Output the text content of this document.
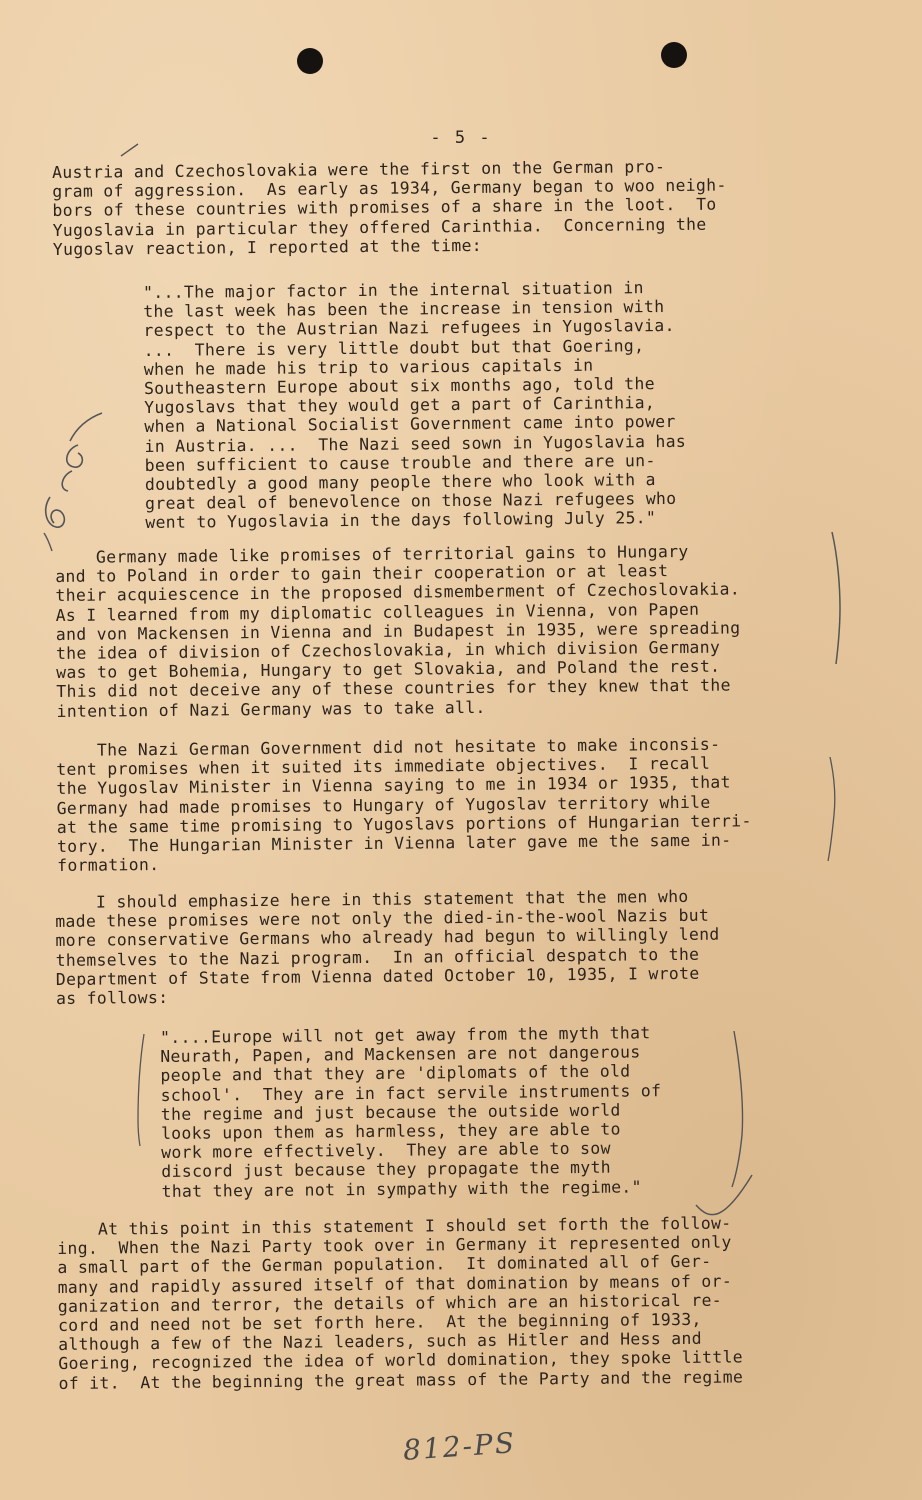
- 5 -

Austria and Czechoslovakia were the first on the German pro-
gram of aggression.  As early as 1934, Germany began to woo neigh-
bors of these countries with promises of a share in the loot.  To
Yugoslavia in particular they offered Carinthia.  Concerning the
Yugoslav reaction, I reported at the time:

"...The major factor in the internal situation in
the last week has been the increase in tension with
respect to the Austrian Nazi refugees in Yugoslavia.
...  There is very little doubt but that Goering,
when he made his trip to various capitals in
Southeastern Europe about six months ago, told the
Yugoslavs that they would get a part of Carinthia,
when a National Socialist Government came into power
in Austria. ...  The Nazi seed sown in Yugoslavia has
been sufficient to cause trouble and there are un-
doubtedly a good many people there who look with a
great deal of benevolence on those Nazi refugees who
went to Yugoslavia in the days following July 25."

Germany made like promises of territorial gains to Hungary
and to Poland in order to gain their cooperation or at least
their acquiescence in the proposed dismemberment of Czechoslovakia.
As I learned from my diplomatic colleagues in Vienna, von Papen
and von Mackensen in Vienna and in Budapest in 1935, were spreading
the idea of division of Czechoslovakia, in which division Germany
was to get Bohemia, Hungary to get Slovakia, and Poland the rest.
This did not deceive any of these countries for they knew that the
intention of Nazi Germany was to take all.

The Nazi German Government did not hesitate to make inconsis-
tent promises when it suited its immediate objectives.  I recall
the Yugoslav Minister in Vienna saying to me in 1934 or 1935, that
Germany had made promises to Hungary of Yugoslav territory while
at the same time promising to Yugoslavs portions of Hungarian terri-
tory.  The Hungarian Minister in Vienna later gave me the same in-
formation.

I should emphasize here in this statement that the men who
made these promises were not only the died-in-the-wool Nazis but
more conservative Germans who already had begun to willingly lend
themselves to the Nazi program.  In an official despatch to the
Department of State from Vienna dated October 10, 1935, I wrote
as follows:

"....Europe will not get away from the myth that
Neurath, Papen, and Mackensen are not dangerous
people and that they are 'diplomats of the old
school'.  They are in fact servile instruments of
the regime and just because the outside world
looks upon them as harmless, they are able to
work more effectively.  They are able to sow
discord just because they propagate the myth
that they are not in sympathy with the regime."

At this point in this statement I should set forth the follow-
ing.  When the Nazi Party took over in Germany it represented only
a small part of the German population.  It dominated all of Ger-
many and rapidly assured itself of that domination by means of or-
ganization and terror, the details of which are an historical re-
cord and need not be set forth here.  At the beginning of 1933,
although a few of the Nazi leaders, such as Hitler and Hess and
Goering, recognized the idea of world domination, they spoke little
of it.  At the beginning the great mass of the Party and the regime

812-PS
